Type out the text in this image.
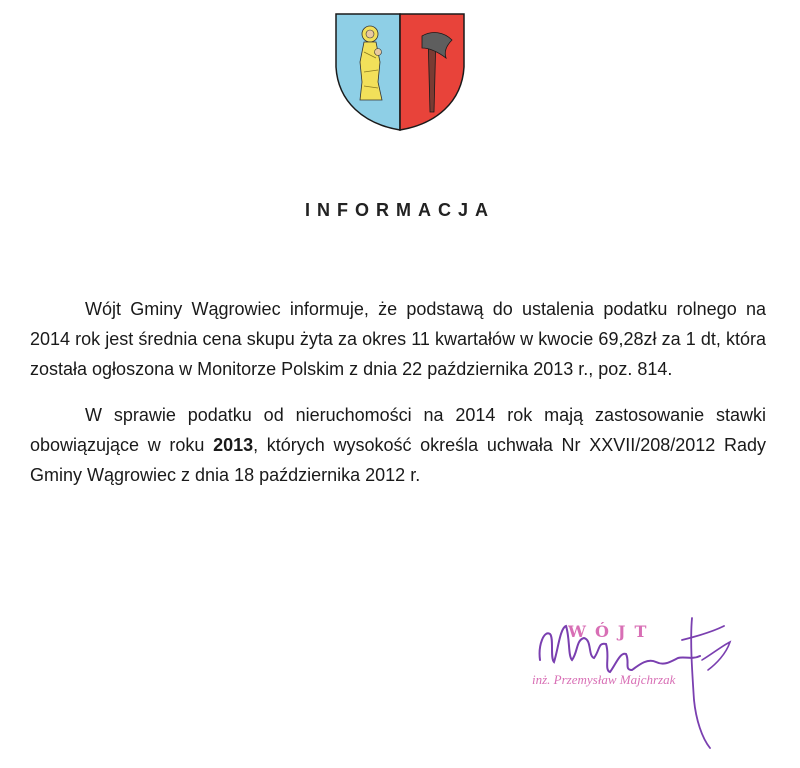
INFORMACJA

Wójt Gminy Wągrowiec informuje, że podstawą do ustalenia podatku rolnego na 2014 rok jest średnia cena skupu żyta za okres 11 kwartałów w kwocie 69,28zł za 1 dt, która została ogłoszona w Monitorze Polskim z dnia 22 października 2013 r., poz. 814.

W sprawie podatku od nieruchomości na 2014 rok mają zastosowanie stawki obowiązujące w roku 2013, których wysokość określa uchwała Nr XXVII/208/2012 Rady Gminy Wągrowiec z dnia 18 października 2012 r.

WÓJT
inż. Przemysław Majchrzak
